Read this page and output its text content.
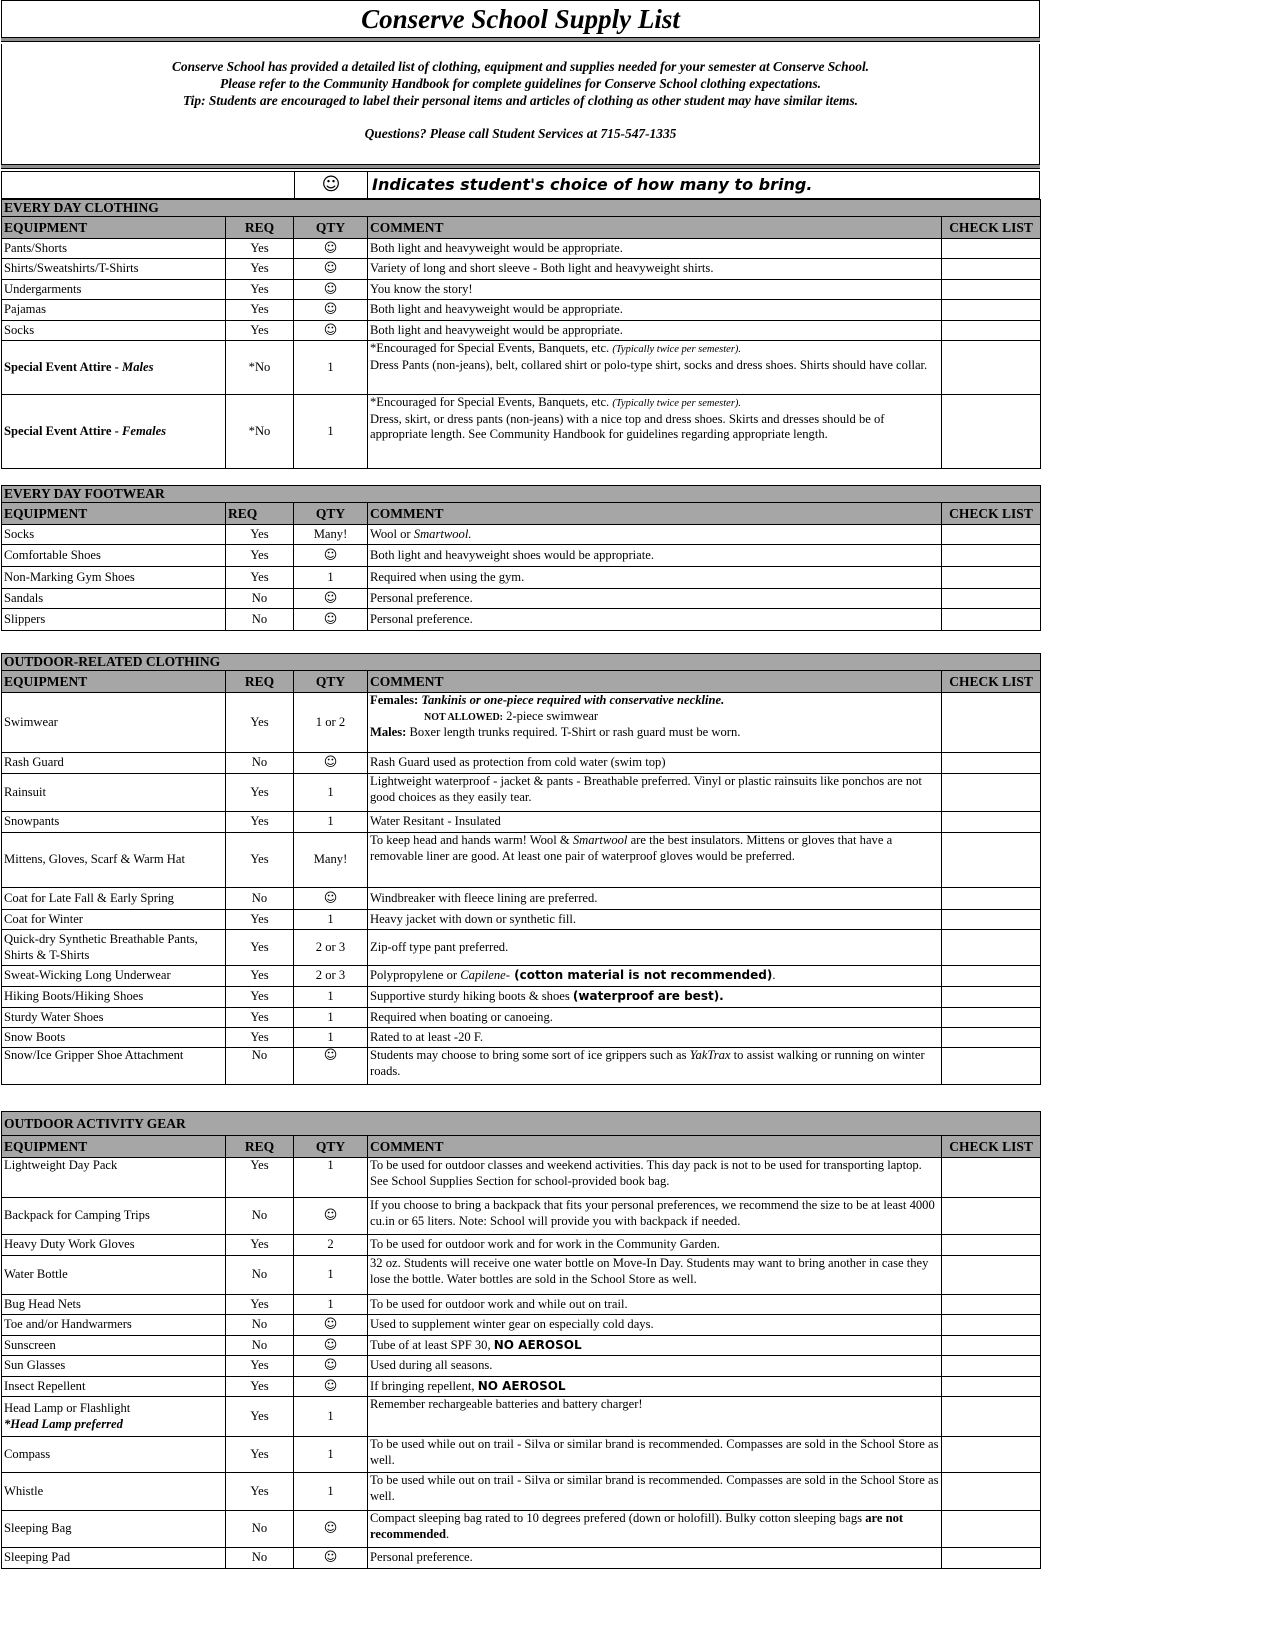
Conserve School Supply List
Conserve School has provided a detailed list of clothing, equipment and supplies needed for your semester at Conserve School.
Please refer to the Community Handbook for complete guidelines for Conserve School clothing expectations.
Tip: Students are encouraged to label their personal items and articles of clothing as other student may have similar items.
Questions? Please call Student Services at 715-547-1335
☺	Indicates student's choice of how many to bring.
EVERY DAY CLOTHING				
EQUIPMENT	REQ	QTY	COMMENT	CHECK LIST
Pants/Shorts	Yes	☺	Both light and heavyweight would be appropriate.	
Shirts/Sweatshirts/T-Shirts	Yes	☺	Variety of long and short sleeve - Both light and heavyweight shirts.	
Undergarments	Yes	☺	You know the story!	
Pajamas	Yes	☺	Both light and heavyweight would be appropriate.	
Socks	Yes	☺	Both light and heavyweight would be appropriate.	
Special Event Attire - Males	*No	1	*Encouraged for Special Events, Banquets, etc. (Typically twice per semester).
Dress Pants (non-jeans), belt, collared shirt or polo-type shirt, socks and dress shoes. Shirts should have collar.	
Special Event Attire - Females	*No	1	*Encouraged for Special Events, Banquets, etc. (Typically twice per semester).
Dress, skirt, or dress pants (non-jeans) with a nice top and dress shoes. Skirts and dresses should be of appropriate length. See Community Handbook for guidelines regarding appropriate length.	
EVERY DAY FOOTWEAR				
EQUIPMENT	REQ	QTY	COMMENT	CHECK LIST
Socks	Yes	Many!	Wool or Smartwool.	
Comfortable Shoes	Yes	☺	Both light and heavyweight shoes would be appropriate.	
Non-Marking Gym Shoes	Yes	1	Required when using the gym.	
Sandals	No	☺	Personal preference.	
Slippers	No	☺	Personal preference.	
OUTDOOR-RELATED CLOTHING				
EQUIPMENT	REQ	QTY	COMMENT	CHECK LIST
Swimwear	Yes	1 or 2	Females: Tankinis or one-piece required with conservative neckline.
NOT ALLOWED: 2-piece swimwear
Males: Boxer length trunks required. T-Shirt or rash guard must be worn.	

Rash Guard	No	☺	Rash Guard used as protection from cold water (swim top)	
Rainsuit	Yes	1	Lightweight waterproof - jacket & pants - Breathable preferred. Vinyl or plastic rainsuits like ponchos are not good choices as they easily tear.	
Snowpants	Yes	1	Water Resitant - Insulated	
Mittens, Gloves, Scarf & Warm Hat	Yes	Many!	To keep head and hands warm! Wool & Smartwool are the best insulators. Mittens or gloves that have a removable liner are good. At least one pair of waterproof gloves would be preferred.	
Coat for Late Fall & Early Spring	No	☺	Windbreaker with fleece lining are preferred.	
Coat for Winter	Yes	1	Heavy jacket with down or synthetic fill.	
Quick-dry Synthetic Breathable Pants, Shirts & T-Shirts	Yes	2 or 3	Zip-off type pant preferred.	
Sweat-Wicking Long Underwear	Yes	2 or 3	Polypropylene or Capilene- (cotton material is not recommended).	
Hiking Boots/Hiking Shoes	Yes	1	Supportive sturdy hiking boots & shoes (waterproof are best).	
Sturdy Water Shoes	Yes	1	Required when boating or canoeing.	
Snow Boots	Yes	1	Rated to at least -20 F.	
Snow/Ice Gripper Shoe Attachment	No	☺	Students may choose to bring some sort of ice grippers such as YakTrax to assist walking or running on winter roads.	
OUTDOOR ACTIVITY GEAR				
EQUIPMENT	REQ	QTY	COMMENT	CHECK LIST
Lightweight Day Pack	Yes	1	To be used for outdoor classes and weekend activities. This day pack is not to be used for transporting laptop. See School Supplies Section for school-provided book bag.	
Backpack for Camping Trips	No	☺	If you choose to bring a backpack that fits your personal preferences, we recommend the size to be at least 4000 cu.in or 65 liters. Note: School will provide you with backpack if needed.	
Heavy Duty Work Gloves	Yes	2	To be used for outdoor work and for work in the Community Garden.	
Water Bottle	No	1	32 oz. Students will receive one water bottle on Move-In Day. Students may want to bring another in case they lose the bottle. Water bottles are sold in the School Store as well.	
Bug Head Nets	Yes	1	To be used for outdoor work and while out on trail.	
Toe and/or Handwarmers	No	☺	Used to supplement winter gear on especially cold days.	
Sunscreen	No	☺	Tube of at least SPF 30, NO AEROSOL	
Sun Glasses	Yes	☺	Used during all seasons.	
Insect Repellent	Yes	☺	If bringing repellent, NO AEROSOL	

Head Lamp or Flashlight
*Head Lamp preferred	Yes	1	Remember rechargeable batteries and battery charger!	
Compass	Yes	1	To be used while out on trail - Silva or similar brand is recommended. Compasses are sold in the School Store as well.	
Whistle	Yes	1	To be used while out on trail - Silva or similar brand is recommended. Compasses are sold in the School Store as well.	
Sleeping Bag	No	☺	Compact sleeping bag rated to 10 degrees prefered (down or holofill). Bulky cotton sleeping bags are not recommended.	
Sleeping Pad	No	☺	Personal preference.	
